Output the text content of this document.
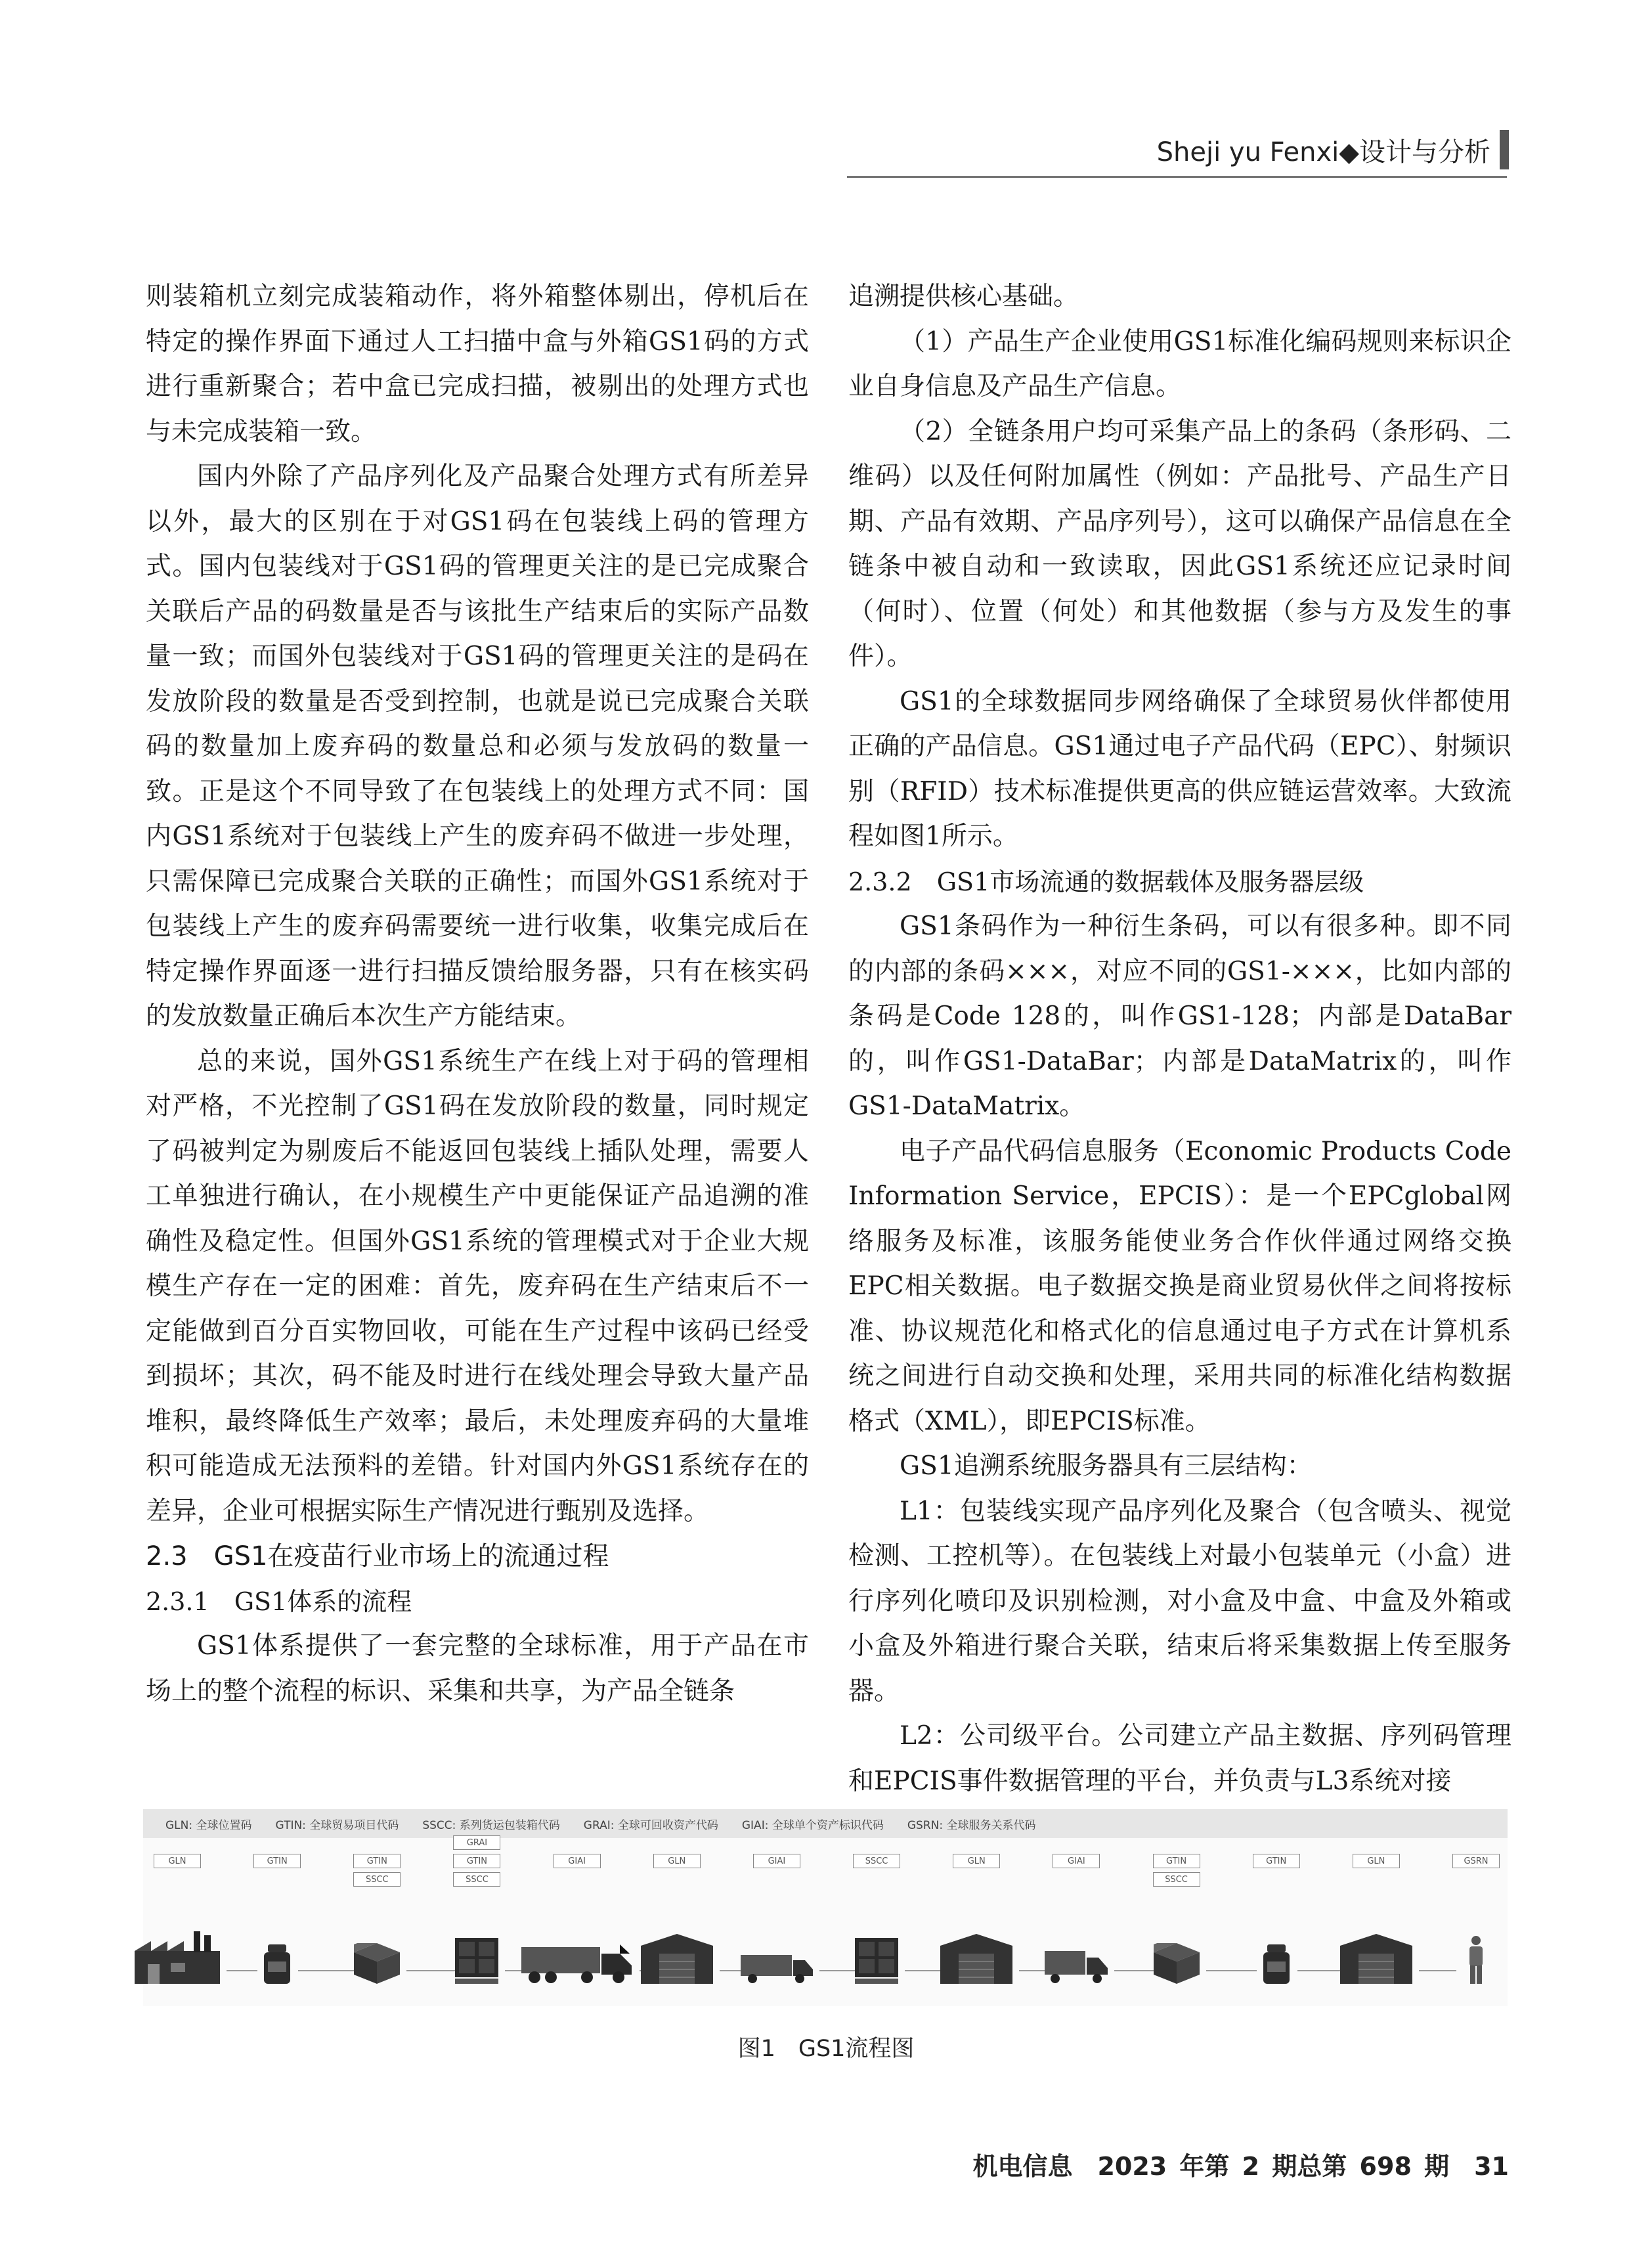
Sheji yu Fenxi◆设计与分析

则装箱机立刻完成装箱动作，将外箱整体剔出，停机后在特定的操作界面下通过人工扫描中盒与外箱GS1码的方式进行重新聚合；若中盒已完成扫描，被剔出的处理方式也与未完成装箱一致。

国内外除了产品序列化及产品聚合处理方式有所差异以外，最大的区别在于对GS1码在包装线上码的管理方式。国内包装线对于GS1码的管理更关注的是已完成聚合关联后产品的码数量是否与该批生产结束后的实际产品数量一致；而国外包装线对于GS1码的管理更关注的是码在发放阶段的数量是否受到控制，也就是说已完成聚合关联码的数量加上废弃码的数量总和必须与发放码的数量一致。正是这个不同导致了在包装线上的处理方式不同：国内GS1系统对于包装线上产生的废弃码不做进一步处理，只需保障已完成聚合关联的正确性；而国外GS1系统对于包装线上产生的废弃码需要统一进行收集，收集完成后在特定操作界面逐一进行扫描反馈给服务器，只有在核实码的发放数量正确后本次生产方能结束。

总的来说，国外GS1系统生产在线上对于码的管理相对严格，不光控制了GS1码在发放阶段的数量，同时规定了码被判定为剔废后不能返回包装线上插队处理，需要人工单独进行确认，在小规模生产中更能保证产品追溯的准确性及稳定性。但国外GS1系统的管理模式对于企业大规模生产存在一定的困难：首先，废弃码在生产结束后不一定能做到百分百实物回收，可能在生产过程中该码已经受到损坏；其次，码不能及时进行在线处理会导致大量产品堆积，最终降低生产效率；最后，未处理废弃码的大量堆积可能造成无法预料的差错。针对国内外GS1系统存在的差异，企业可根据实际生产情况进行甄别及选择。

2.3　GS1在疫苗行业市场上的流通过程

2.3.1　GS1体系的流程

GS1体系提供了一套完整的全球标准，用于产品在市场上的整个流程的标识、采集和共享，为产品全链条

追溯提供核心基础。

（1）产品生产企业使用GS1标准化编码规则来标识企业自身信息及产品生产信息。

（2）全链条用户均可采集产品上的条码（条形码、二维码）以及任何附加属性（例如：产品批号、产品生产日期、产品有效期、产品序列号），这可以确保产品信息在全链条中被自动和一致读取，因此GS1系统还应记录时间（何时）、位置（何处）和其他数据（参与方及发生的事件）。

GS1的全球数据同步网络确保了全球贸易伙伴都使用正确的产品信息。GS1通过电子产品代码（EPC）、射频识别（RFID）技术标准提供更高的供应链运营效率。大致流程如图1所示。

2.3.2　GS1市场流通的数据载体及服务器层级

GS1条码作为一种衍生条码，可以有很多种。即不同的内部的条码×××，对应不同的GS1-×××，比如内部的条码是Code 128的，叫作GS1-128；内部是DataBar的，叫作GS1-DataBar；内部是DataMatrix的，叫作GS1-DataMatrix。

电子产品代码信息服务（Economic Products Code Information Service，EPCIS）：是一个EPCglobal网络服务及标准，该服务能使业务合作伙伴通过网络交换EPC相关数据。电子数据交换是商业贸易伙伴之间将按标准、协议规范化和格式化的信息通过电子方式在计算机系统之间进行自动交换和处理，采用共同的标准化结构数据格式（XML），即EPCIS标准。

GS1追溯系统服务器具有三层结构：

L1：包装线实现产品序列化及聚合（包含喷头、视觉检测、工控机等）。在包装线上对最小包装单元（小盒）进行序列化喷印及识别检测，对小盒及中盒、中盒及外箱或小盒及外箱进行聚合关联，结束后将采集数据上传至服务器。

L2：公司级平台。公司建立产品主数据、序列码管理和EPCIS事件数据管理的平台，并负责与L3系统对接

GLN: 全球位置码 GTIN: 全球贸易项目代码 SSCC: 系列货运包装箱代码 GRAI: 全球可回收资产代码 GIAI: 全球单个资产标识代码 GSRN: 全球服务关系代码
GLN	GTIN	GTIN
SSCC
GRAI
GTIN
SSCC
GIAI	GLN	GIAI	SSCC	GLN	GIAI	GTIN
SSCC
GTIN	GLN	GSRN
图1　GS1流程图
机电信息　2023 年第 2 期总第 698 期　31
